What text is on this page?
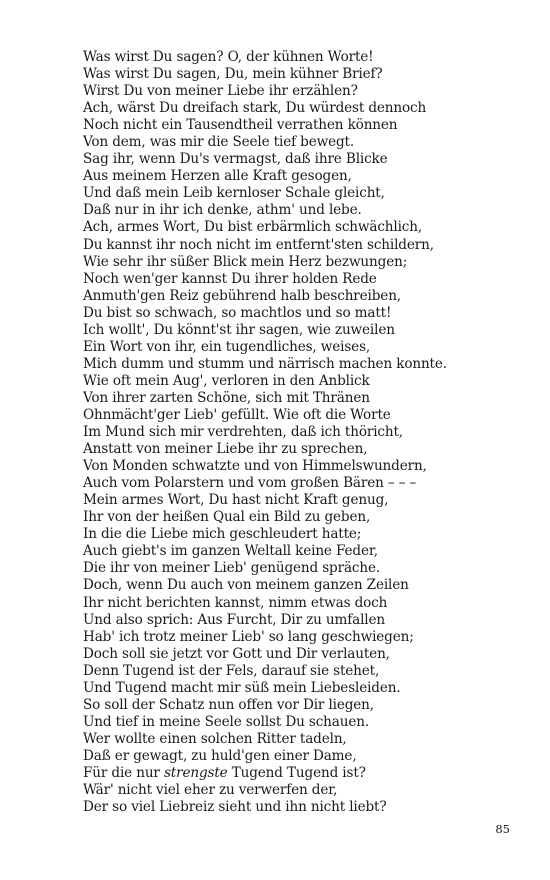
Was wirst Du sagen? O, der kühnen Worte!
Was wirst Du sagen, Du, mein kühner Brief?
Wirst Du von meiner Liebe ihr erzählen?
Ach, wärst Du dreifach stark, Du würdest dennoch
Noch nicht ein Tausendtheil verrathen können
Von dem, was mir die Seele tief bewegt.
Sag ihr, wenn Du's vermagst, daß ihre Blicke
Aus meinem Herzen alle Kraft gesogen,
Und daß mein Leib kernloser Schale gleicht,
Daß nur in ihr ich denke, athm' und lebe.
Ach, armes Wort, Du bist erbärmlich schwächlich,
Du kannst ihr noch nicht im entfernt'sten schildern,
Wie sehr ihr süßer Blick mein Herz bezwungen;
Noch wen'ger kannst Du ihrer holden Rede
Anmuth'gen Reiz gebührend halb beschreiben,
Du bist so schwach, so machtlos und so matt!
Ich wollt', Du könnt'st ihr sagen, wie zuweilen
Ein Wort von ihr, ein tugendliches, weises,
Mich dumm und stumm und närrisch machen konnte.
Wie oft mein Aug', verloren in den Anblick
Von ihrer zarten Schöne, sich mit Thränen
Ohnmächt'ger Lieb' gefüllt. Wie oft die Worte
Im Mund sich mir verdrehten, daß ich thöricht,
Anstatt von meiner Liebe ihr zu sprechen,
Von Monden schwatzte und von Himmelswundern,
Auch vom Polarstern und vom großen Bären – – –
Mein armes Wort, Du hast nicht Kraft genug,
Ihr von der heißen Qual ein Bild zu geben,
In die die Liebe mich geschleudert hatte;
Auch giebt's im ganzen Weltall keine Feder,
Die ihr von meiner Lieb' genügend spräche.
Doch, wenn Du auch von meinem ganzen Zeilen
Ihr nicht berichten kannst, nimm etwas doch
Und also sprich: Aus Furcht, Dir zu umfallen
Hab' ich trotz meiner Lieb' so lang geschwiegen;
Doch soll sie jetzt vor Gott und Dir verlauten,
Denn Tugend ist der Fels, darauf sie stehet,
Und Tugend macht mir süß mein Liebesleiden.
So soll der Schatz nun offen vor Dir liegen,
Und tief in meine Seele sollst Du schauen.
Wer wollte einen solchen Ritter tadeln,
Daß er gewagt, zu huld'gen einer Dame,
Für die nur strengste Tugend Tugend ist?
Wär' nicht viel eher zu verwerfen der,
Der so viel Liebreiz sieht und ihn nicht liebt?
85
